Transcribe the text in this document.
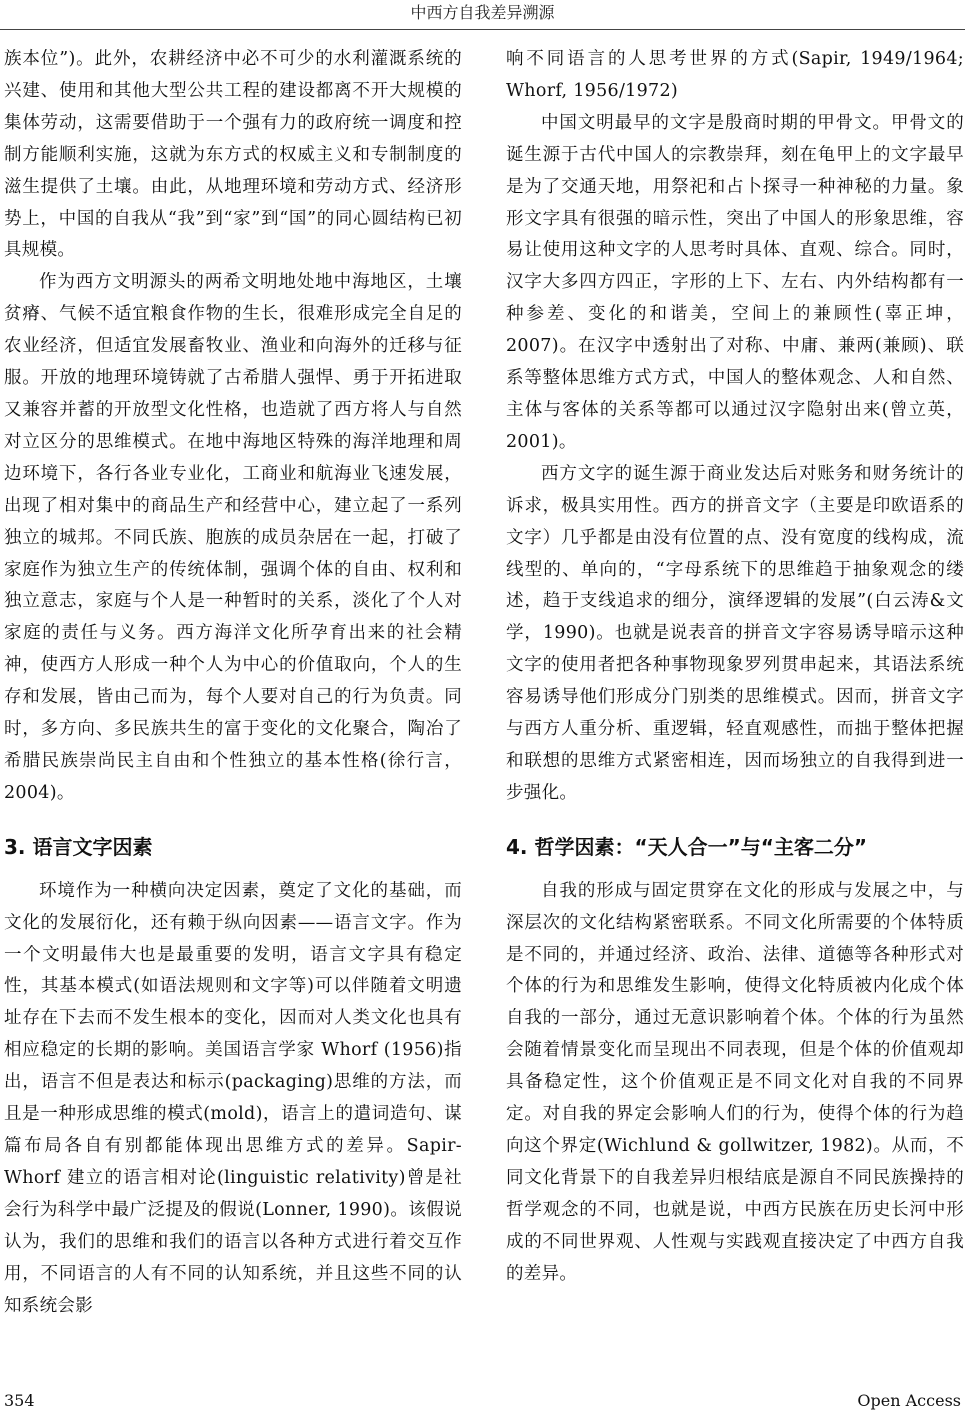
中西方自我差异溯源

族本位”)。此外，农耕经济中必不可少的水利灌溉系统的兴建、使用和其他大型公共工程的建设都离不开大规模的集体劳动，这需要借助于一个强有力的政府统一调度和控制方能顺利实施，这就为东方式的权威主义和专制制度的滋生提供了土壤。由此，从地理环境和劳动方式、经济形势上，中国的自我从“我”到“家”到“国”的同心圆结构已初具规模。

作为西方文明源头的两希文明地处地中海地区，土壤贫瘠、气候不适宜粮食作物的生长，很难形成完全自足的农业经济，但适宜发展畜牧业、渔业和向海外的迁移与征服。开放的地理环境铸就了古希腊人强悍、勇于开拓进取又兼容并蓄的开放型文化性格，也造就了西方将人与自然对立区分的思维模式。在地中海地区特殊的海洋地理和周边环境下，各行各业专业化，工商业和航海业飞速发展，出现了相对集中的商品生产和经营中心，建立起了一系列独立的城邦。不同氏族、胞族的成员杂居在一起，打破了家庭作为独立生产的传统体制，强调个体的自由、权利和独立意志，家庭与个人是一种暂时的关系，淡化了个人对家庭的责任与义务。西方海洋文化所孕育出来的社会精神，使西方人形成一种个人为中心的价值取向，个人的生存和发展，皆由己而为，每个人要对自己的行为负责。同时，多方向、多民族共生的富于变化的文化聚合，陶冶了希腊民族崇尚民主自由和个性独立的基本性格(徐行言，2004)。

3. 语言文字因素

环境作为一种横向决定因素，奠定了文化的基础，而文化的发展衍化，还有赖于纵向因素——语言文字。作为一个文明最伟大也是最重要的发明，语言文字具有稳定性，其基本模式(如语法规则和文字等)可以伴随着文明遗址存在下去而不发生根本的变化，因而对人类文化也具有相应稳定的长期的影响。美国语言学家 Whorf (1956)指出，语言不但是表达和标示(packaging)思维的方法，而且是一种形成思维的模式(mold)，语言上的遣词造句、谋篇布局各自有别都能体现出思维方式的差异。Sapir-Whorf 建立的语言相对论(linguistic relativity)曾是社会行为科学中最广泛提及的假说(Lonner, 1990)。该假说认为，我们的思维和我们的语言以各种方式进行着交互作用，不同语言的人有不同的认知系统，并且这些不同的认知系统会影

响不同语言的人思考世界的方式(Sapir, 1949/1964; Whorf, 1956/1972)

中国文明最早的文字是殷商时期的甲骨文。甲骨文的诞生源于古代中国人的宗教崇拜，刻在龟甲上的文字最早是为了交通天地，用祭祀和占卜探寻一种神秘的力量。象形文字具有很强的暗示性，突出了中国人的形象思维，容易让使用这种文字的人思考时具体、直观、综合。同时，汉字大多四方四正，字形的上下、左右、内外结构都有一种参差、变化的和谐美，空间上的兼顾性(辜正坤，2007)。在汉字中透射出了对称、中庸、兼两(兼顾)、联系等整体思维方式方式，中国人的整体观念、人和自然、主体与客体的关系等都可以通过汉字隐射出来(曾立英，2001)。

西方文字的诞生源于商业发达后对账务和财务统计的诉求，极具实用性。西方的拼音文字（主要是印欧语系的文字）几乎都是由没有位置的点、没有宽度的线构成，流线型的、单向的，“字母系统下的思维趋于抽象观念的缕述，趋于支线追求的细分，演绎逻辑的发展”(白云涛&文学，1990)。也就是说表音的拼音文字容易诱导暗示这种文字的使用者把各种事物现象罗列贯串起来，其语法系统容易诱导他们形成分门别类的思维模式。因而，拼音文字与西方人重分析、重逻辑，轻直观感性，而拙于整体把握和联想的思维方式紧密相连，因而场独立的自我得到进一步强化。

4. 哲学因素：“天人合一”与“主客二分”

自我的形成与固定贯穿在文化的形成与发展之中，与深层次的文化结构紧密联系。不同文化所需要的个体特质是不同的，并通过经济、政治、法律、道德等各种形式对个体的行为和思维发生影响，使得文化特质被内化成个体自我的一部分，通过无意识影响着个体。个体的行为虽然会随着情景变化而呈现出不同表现，但是个体的价值观却具备稳定性，这个价值观正是不同文化对自我的不同界定。对自我的界定会影响人们的行为，使得个体的行为趋向这个界定(Wichlund & gollwitzer, 1982)。从而，不同文化背景下的自我差异归根结底是源自不同民族操持的哲学观念的不同，也就是说，中西方民族在历史长河中形成的不同世界观、人性观与实践观直接决定了中西方自我的差异。

354	Open Access
